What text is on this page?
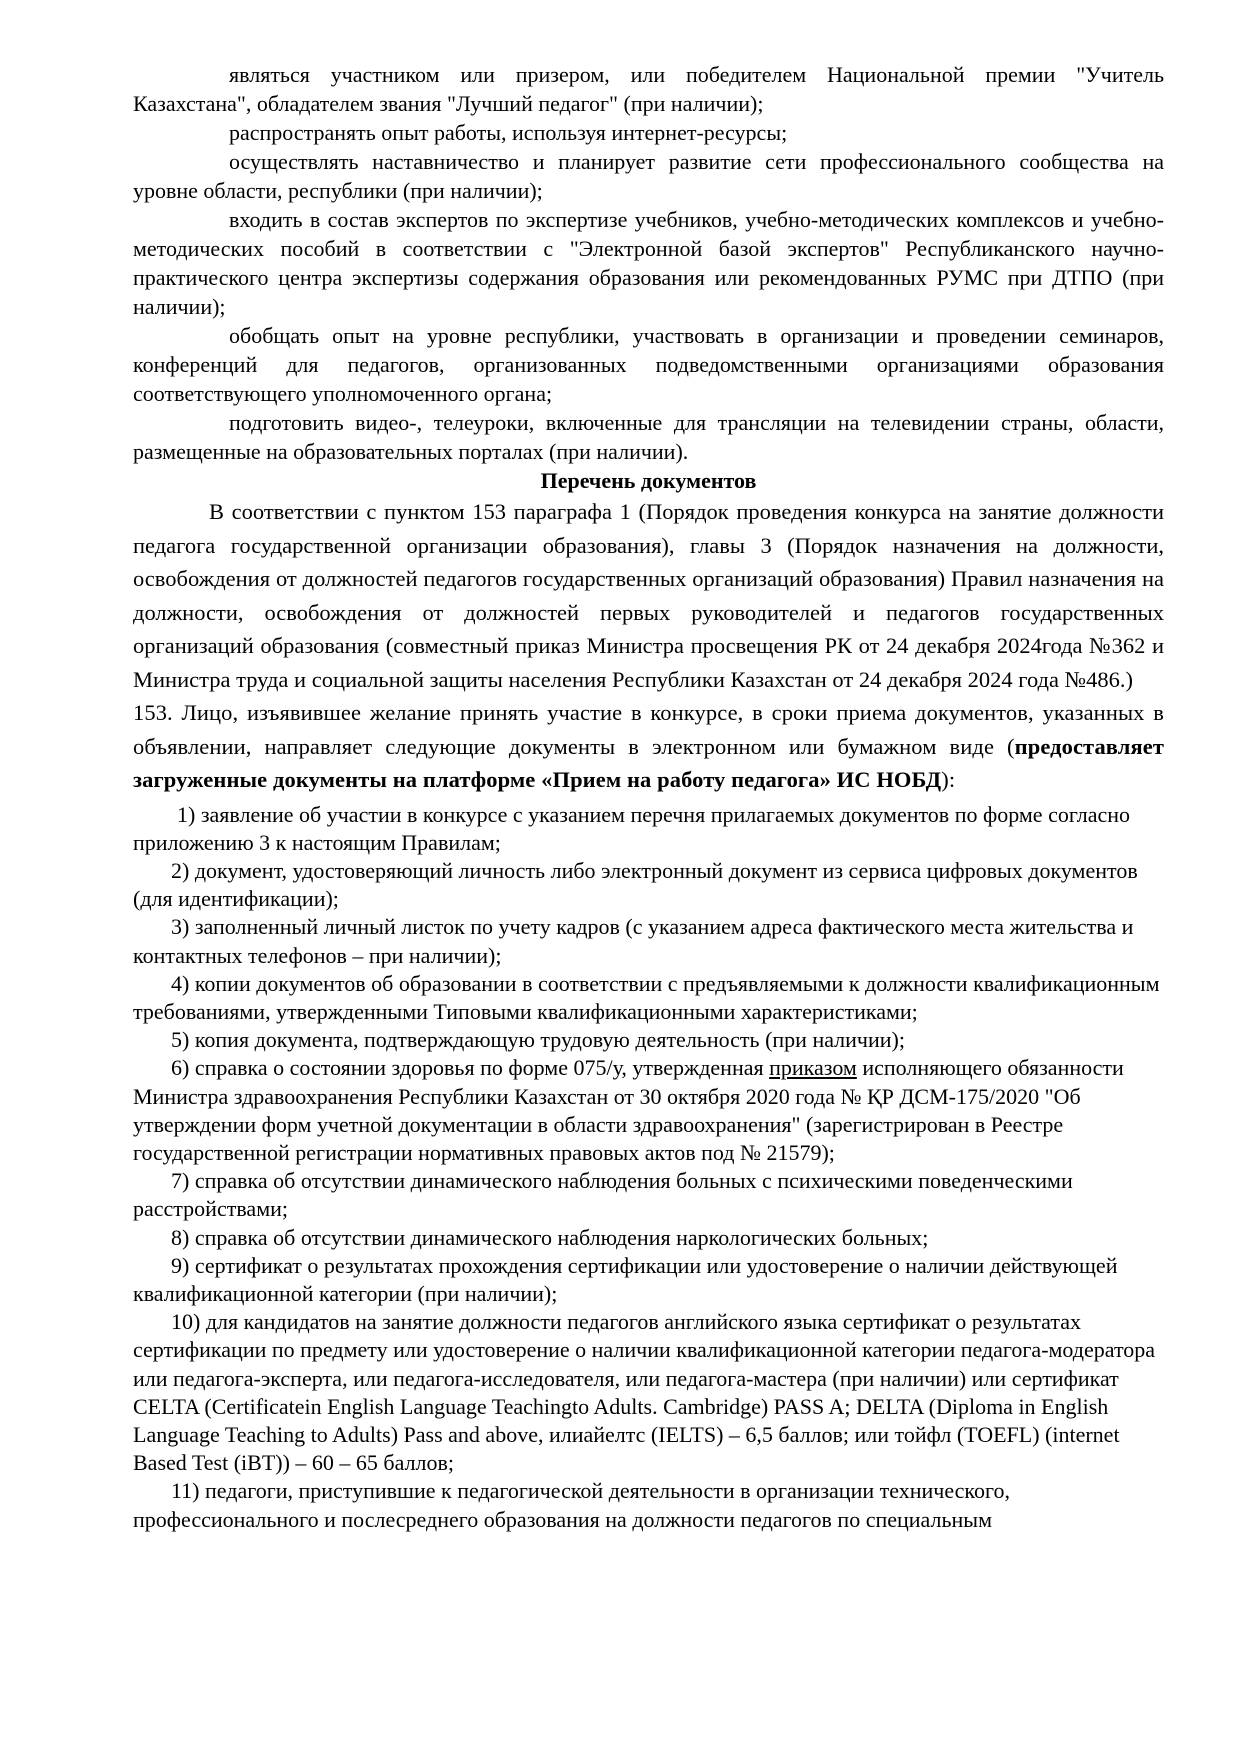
являться участником или призером, или победителем Национальной премии "Учитель Казахстана", обладателем звания "Лучший педагог" (при наличии);

распространять опыт работы, используя интернет-ресурсы;

осуществлять наставничество и планирует развитие сети профессионального сообщества на уровне области, республики (при наличии);

входить в состав экспертов по экспертизе учебников, учебно-методических комплексов и учебно-методических пособий в соответствии с "Электронной базой экспертов" Республиканского научно-практического центра экспертизы содержания образования или рекомендованных РУМС при ДТПО (при наличии);

обобщать опыт на уровне республики, участвовать в организации и проведении семинаров, конференций для педагогов, организованных подведомственными организациями образования соответствующего уполномоченного органа;

подготовить видео-, телеуроки, включенные для трансляции на телевидении страны, области, размещенные на образовательных порталах (при наличии).

Перечень документов

В соответствии с пунктом 153 параграфа 1 (Порядок проведения конкурса на занятие должности педагога государственной организации образования), главы 3 (Порядок назначения на должности, освобождения от должностей педагогов государственных организаций образования) Правил назначения на должности, освобождения от должностей первых руководителей и педагогов государственных организаций образования (совместный приказ Министра просвещения РК от 24 декабря 2024года №362 и Министра труда и социальной защиты населения Республики Казахстан от 24 декабря 2024 года №486.)

153. Лицо, изъявившее желание принять участие в конкурсе, в сроки приема документов, указанных в объявлении, направляет следующие документы в электронном или бумажном виде (предоставляет загруженные документы на платформе «Прием на работу педагога» ИС НОБД):

1) заявление об участии в конкурсе с указанием перечня прилагаемых документов по форме согласно приложению 3 к настоящим Правилам;

2) документ, удостоверяющий личность либо электронный документ из сервиса цифровых документов (для идентификации);

3) заполненный личный листок по учету кадров (с указанием адреса фактического места жительства и контактных телефонов – при наличии);

4) копии документов об образовании в соответствии с предъявляемыми к должности квалификационным требованиями, утвержденными Типовыми квалификационными характеристиками;

5) копия документа, подтверждающую трудовую деятельность (при наличии);

6) справка о состоянии здоровья по форме 075/у, утвержденная приказом исполняющего обязанности Министра здравоохранения Республики Казахстан от 30 октября 2020 года № ҚР ДСМ-175/2020 "Об утверждении форм учетной документации в области здравоохранения" (зарегистрирован в Реестре государственной регистрации нормативных правовых актов под № 21579);

7) справка об отсутствии динамического наблюдения больных с психическими поведенческими расстройствами;

8) справка об отсутствии динамического наблюдения наркологических больных;

9) сертификат о результатах прохождения сертификации или удостоверение о наличии действующей квалификационной категории (при наличии);

10) для кандидатов на занятие должности педагогов английского языка сертификат о результатах сертификации по предмету или удостоверение о наличии квалификационной категории педагога-модератора или педагога-эксперта, или педагога-исследователя, или педагога-мастера (при наличии) или сертификат CELTA (Certificatein English Language Teachingto Adults. Cambridge) PASS A; DELTA (Diploma in English Language Teaching to Adults) Pass and above, илиайелтс (IELTS) – 6,5 баллов; или тойфл (TOEFL) (internet Based Test (iBT)) – 60 – 65 баллов;

11) педагоги, приступившие к педагогической деятельности в организации технического, профессионального и послесреднего образования на должности педагогов по специальным
